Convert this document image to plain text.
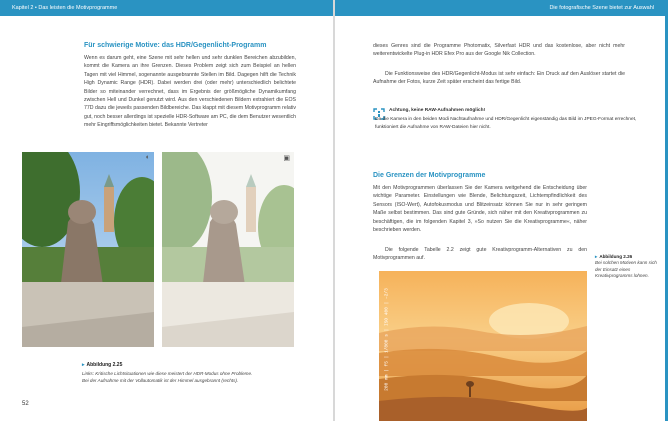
Kapitel 2 • Das leisten die Motivprogramme
Für schwierige Motive: das HDR/Gegenlicht-Programm

Wenn es darum geht, eine Szene mit sehr hellen und sehr dunklen Bereichen abzubilden, kommt die Kamera an ihre Grenzen. Dieses Problem zeigt sich zum Beispiel an hellen Tagen mit viel Himmel, sogenannte ausgebrannte Stellen im Bild. Dagegen hilft die Technik High Dynamic Range (HDR). Dabei werden drei (oder mehr) unterschiedlich belichtete Bilder so miteinander verrechnet, dass im Ergebnis der größmögliche Dynamikumfang zwischen Hell und Dunkel genutzt wird. Aus den verschiedenen Bildern extrahiert die EOS 77D dazu die jeweils passenden Bildbereiche. Das klappt mit diesem Motivprogramm relativ gut, noch besser allerdings ist spezielle HDR-Software am PC, die dem Benutzer wesentlich mehr Eingriffsmöglichkeiten bietet. Bekannte Vertreter

◐	▣
▸ Abbildung 2.25
Links: Kritische Lichtsituationen wie diese meistert der HDR-Modus ohne Probleme.
Bei der Aufnahme mit der Vollautomatik ist der Himmel ausgebrannt (rechts).
52
Die fotografische Szene bietet zur Auswahl

dieses Genres sind die Programme Photomatix, Silverfast HDR und das kostenlose, aber nicht mehr weiterentwickelte Plug-in HDR Efex Pro aus der Google Nik Collection.

Die Funktionsweise des HDR/Gegenlicht-Modus ist sehr einfach: Ein Druck auf den Auslöser startet die Aufnahme der Fotos, kurze Zeit später erscheint das fertige Bild.

Achtung, keine RAW-Aufnahmen möglich!
Da die Kamera in den beiden Modi Nachtaufnahme und HDR/Gegenlicht eigenständig das Bild im JPEG-Format errechnet, funktioniert die Aufnahme von RAW-Dateien hier nicht.
Die Grenzen der Motivprogramme

Mit den Motivprogrammen überlassen Sie der Kamera weitgehend die Entscheidung über wichtige Parameter. Einstellungen wie Blende, Belichtungszeit, Lichtempfindlichkeit des Sensors (ISO-Wert), Autofokusmodus und Blitzeinsatz können Sie nur in sehr geringem Maße selbst bestimmen. Das sind gute Gründe, sich näher mit den Kreativprogrammen zu beschäftigen, die im folgenden Kapitel 3, »So nutzen Sie die Kreativprogramme«, näher beschrieben werden.

Die folgende Tabelle 2.2 zeigt gute Kreativprogramm-Alternativen zu den Motivprogrammen auf.	▸ Abbildung 2.26
Bei solchen Motiven kann sich der Einsatz eines Kreativprogramms lohnen.
200 mm | f5 | 1/800 s | ISO 400 | –2/3
